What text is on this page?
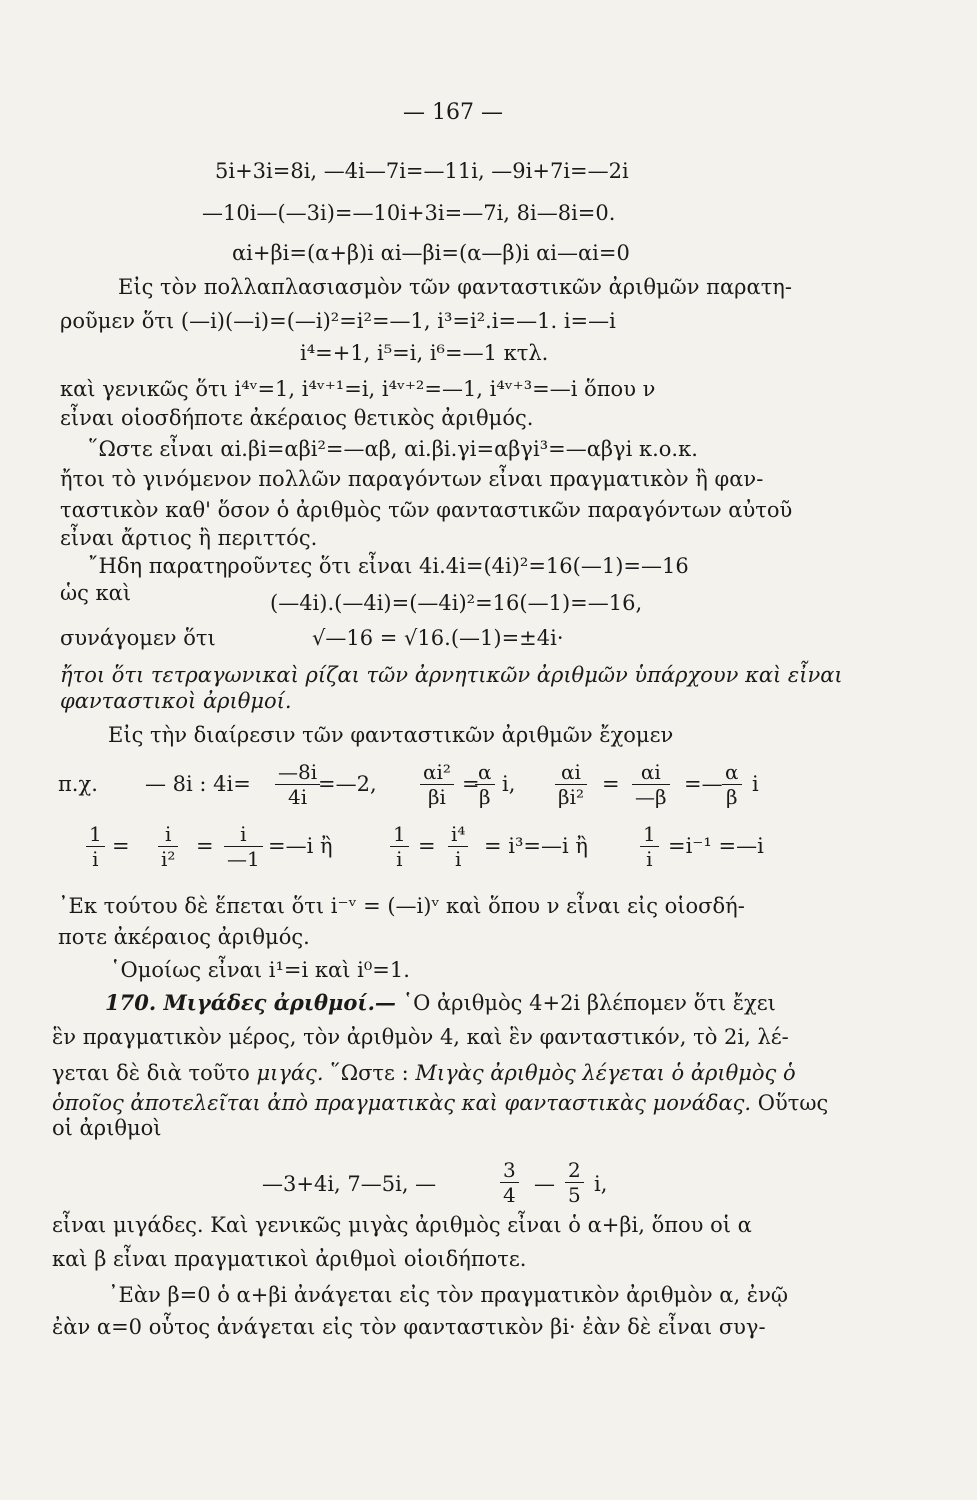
— 167 —
5i+3i=8i, —4i—7i=—11i, —9i+7i=—2i
—10i—(—3i)=—10i+3i=—7i, 8i—8i=0.
αi+βi=(α+β)i αi—βi=(α—β)i αi—αi=0
Εἰς τὸν πολλαπλασιασμὸν τῶν φανταστικῶν ἀριθμῶν παρατη-
ροῦμεν ὅτι (—i)(—i)=(—i)²=i²=—1, i³=i².i=—1. i=—i
i⁴=+1, i⁵=i, i⁶=—1 κτλ.
καὶ γενικῶς ὅτι i⁴ᵛ=1, i⁴ᵛ⁺¹=i, i⁴ᵛ⁺²=—1, i⁴ᵛ⁺³=—i ὅπου ν
εἶναι οἱοσδήποτε ἀκέραιος θετικὸς ἀριθμός.
῞Ωστε εἶναι αi.βi=αβi²=—αβ, αi.βi.γi=αβγi³=—αβγi κ.ο.κ.
ἤτοι τὸ γινόμενον πολλῶν παραγόντων εἶναι πραγματικὸν ἢ φαν-
ταστικὸν καθ' ὅσον ὁ ἀριθμὸς τῶν φανταστικῶν παραγόντων αὐτοῦ
εἶναι ἄρτιος ἢ περιττός.
῎Ηδη παρατηροῦντες ὅτι εἶναι 4i.4i=(4i)²=16(—1)=—16
ὡς καὶ	(—4i).(—4i)=(—4i)²=16(—1)=—16,
συνάγομεν ὅτι	√—16 = √16.(—1)=±4i·
ἤτοι ὅτι τετραγωνικαὶ ρίζαι τῶν ἀρνητικῶν ἀριθμῶν ὑπάρχουν καὶ εἶναι
φανταστικοὶ ἀριθμοί.
Εἰς τὴν διαίρεσιν τῶν φανταστικῶν ἀριθμῶν ἔχομεν
π.χ. — 8i : $4i= \frac{—8i}{4i}$
=—2, $\frac{\text{αi²}}{\beta i}$ =
$\frac{\alpha}{\beta} i$, $\frac{\alpha i}{\text{βi²}} = \frac{\alpha i}{—\beta}$ =— $\frac{\alpha}{\beta}$ i
$\frac{1}{i} = \frac{i}{\text{i²}} = \frac{i}{—1}$ =—i ἢ	$\frac{1}{i} = \frac{\text{i⁴}}{i}$ = i³=—i ἢ	$\frac{1}{i} =i^{-1}$ =—i
᾿Εκ τούτου δὲ ἕπεται ὅτι i⁻ᵛ = (—i)ᵛ καὶ ὅπου ν εἶναι εἰς οἱοσδή-
ποτε ἀκέραιος ἀριθμός.
῾Ομοίως εἶναι i¹=i καὶ i⁰=1.
170. Μιγάδες ἀριθμοί.— ῾Ο ἀριθμὸς 4+2i βλέπομεν ὅτι ἔχει
ἓν πραγματικὸν μέρος, τὸν ἀριθμὸν 4, καὶ ἓν φανταστικόν, τὸ 2i, λέ-
γεται δὲ διὰ τοῦτο μιγάς. ῞Ωστε : Μιγὰς ἀριθμὸς λέγεται ὁ ἀριθμὸς ὁ
ὁποῖος ἀποτελεῖται ἀπὸ πραγματικὰς καὶ φανταστικὰς μονάδας. Οὕτως
οἱ ἀριθμοὶ
—3+4i, 7—5i, —	$\frac{3}{4}$ — $\frac{2}{5} i$,
εἶναι μιγάδες. Καὶ γενικῶς μιγὰς ἀριθμὸς εἶναι ὁ α+βi, ὅπου οἱ α
καὶ β εἶναι πραγματικοὶ ἀριθμοὶ οἱοιδήποτε.
᾿Εὰν β=0 ὁ α+βi ἀνάγεται εἰς τὸν πραγματικὸν ἀριθμὸν α, ἐνῷ
ἐὰν α=0 οὗτος ἀνάγεται εἰς τὸν φανταστικὸν βi· ἐὰν δὲ εἶναι συγ-
